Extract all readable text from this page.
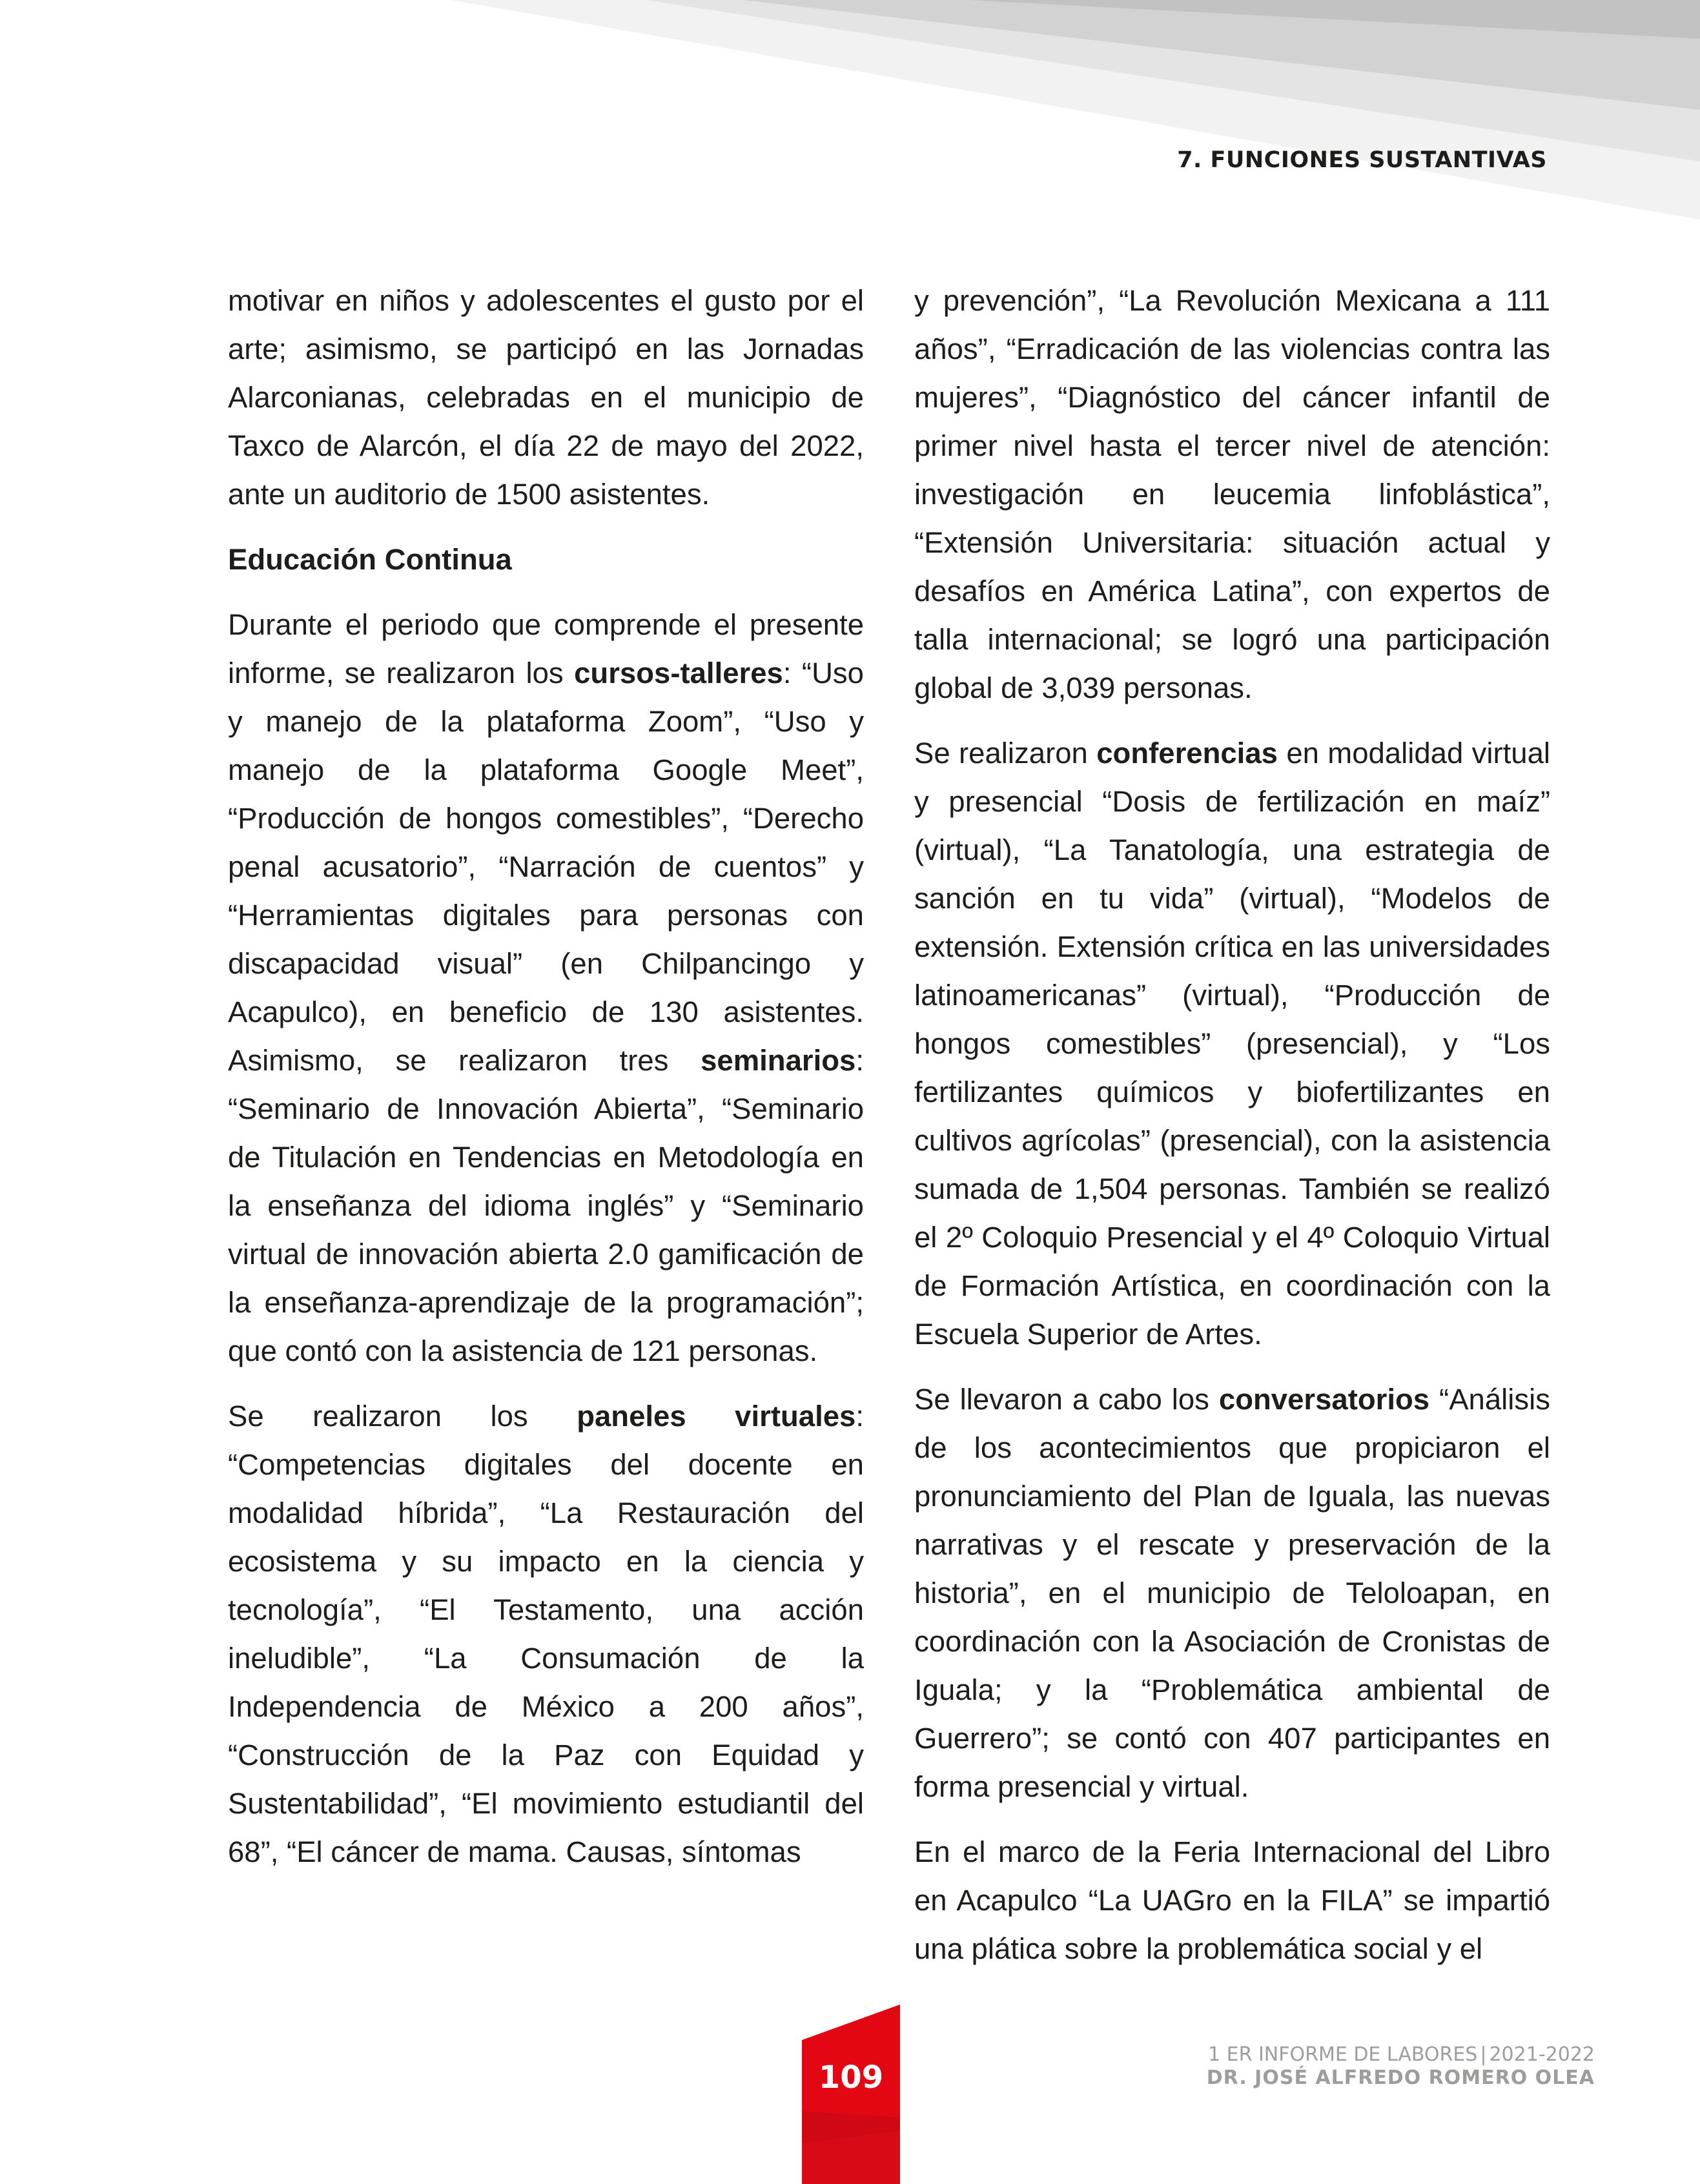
7. FUNCIONES SUSTANTIVAS

motivar en niños y adolescentes el gusto por el arte; asimismo, se participó en las Jornadas Alarconianas, celebradas en el municipio de Taxco de Alarcón, el día 22 de mayo del 2022, ante un auditorio de 1500 asistentes.

Educación Continua

Durante el periodo que comprende el presente informe, se realizaron los cursos-talleres: “Uso y manejo de la plataforma Zoom”, “Uso y manejo de la plataforma Google Meet”, “Producción de hongos comestibles”, “Derecho penal acusatorio”, “Narración de cuentos” y “Herramientas digitales para personas con discapacidad visual” (en Chilpancingo y Acapulco), en beneficio de 130 asistentes. Asimismo, se realizaron tres seminarios: “Seminario de Innovación Abierta”, “Seminario de Titulación en Tendencias en Metodología en la enseñanza del idioma inglés” y “Seminario virtual de innovación abierta 2.0 gamificación de la enseñanza-aprendizaje de la programación”; que contó con la asistencia de 121 personas.

Se realizaron los paneles virtuales: “Competencias digitales del docente en modalidad híbrida”, “La Restauración del ecosistema y su impacto en la ciencia y tecnología”, “El Testamento, una acción ineludible”, “La Consumación de la Independencia de México a 200 años”, “Construcción de la Paz con Equidad y Sustentabilidad”, “El movimiento estudiantil del 68”, “El cáncer de mama. Causas, síntomas

y prevención”, “La Revolución Mexicana a 111 años”, “Erradicación de las violencias contra las mujeres”, “Diagnóstico del cáncer infantil de primer nivel hasta el tercer nivel de atención: investigación en leucemia linfoblástica”, “Extensión Universitaria: situación actual y desafíos en América Latina”, con expertos de talla internacional; se logró una participación global de 3,039 personas.

Se realizaron conferencias en modalidad virtual y presencial “Dosis de fertilización en maíz” (virtual), “La Tanatología, una estrategia de sanción en tu vida” (virtual), “Modelos de extensión. Extensión crítica en las universidades latinoamericanas” (virtual), “Producción de hongos comestibles” (presencial), y “Los fertilizantes químicos y biofertilizantes en cultivos agrícolas” (presencial), con la asistencia sumada de 1,504 personas. También se realizó el 2º Coloquio Presencial y el 4º Coloquio Virtual de Formación Artística, en coordinación con la Escuela Superior de Artes.

Se llevaron a cabo los conversatorios “Análisis de los acontecimientos que propiciaron el pronunciamiento del Plan de Iguala, las nuevas narrativas y el rescate y preservación de la historia”, en el municipio de Teloloapan, en coordinación con la Asociación de Cronistas de Iguala; y la “Problemática ambiental de Guerrero”; se contó con 407 participantes en forma presencial y virtual.

En el marco de la Feria Internacional del Libro en Acapulco “La UAGro en la FILA” se impartió una plática sobre la problemática social y el

109
1 ER INFORME DE LABORES | 2021-2022
DR. JOSÉ ALFREDO ROMERO OLEA
